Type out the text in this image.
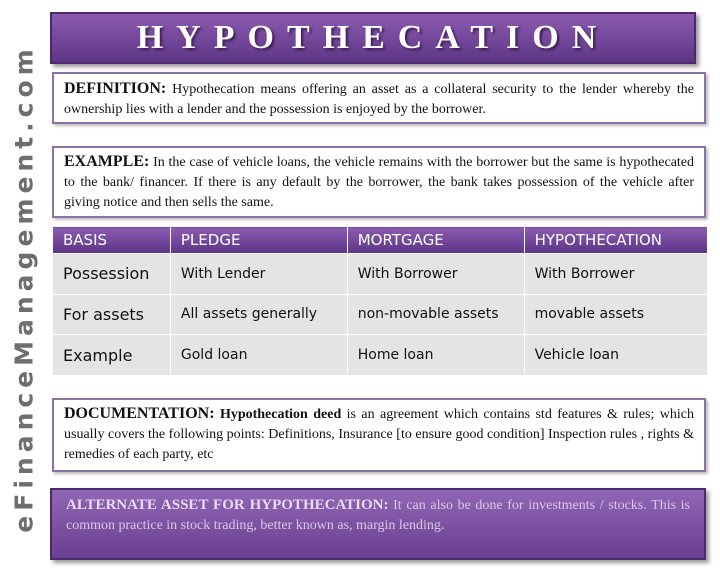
eFinanceManagement.com
HYPOTHECATION
DEFINITION: Hypothecation means offering an asset as a collateral security to the lender whereby the ownership lies with a lender and the possession is enjoyed by the borrower.
EXAMPLE: In the case of vehicle loans, the vehicle remains with the borrower but the same is hypothecated to the bank/ financer. If there is any default by the borrower, the bank takes possession of the vehicle after giving notice and then sells the same.
BASIS	PLEDGE	MORTGAGE	HYPOTHECATION
Possession	With Lender	With Borrower	With Borrower
For assets	All assets generally	non-movable assets	movable assets
Example	Gold loan	Home loan	Vehicle loan
DOCUMENTATION: Hypothecation deed is an agreement which contains std features & rules; which usually covers the following points: Definitions, Insurance [to ensure good condition] Inspection rules , rights & remedies of each party, etc
ALTERNATE ASSET FOR HYPOTHECATION: It can also be done for investments / stocks. This is common practice in stock trading, better known as, margin lending.
